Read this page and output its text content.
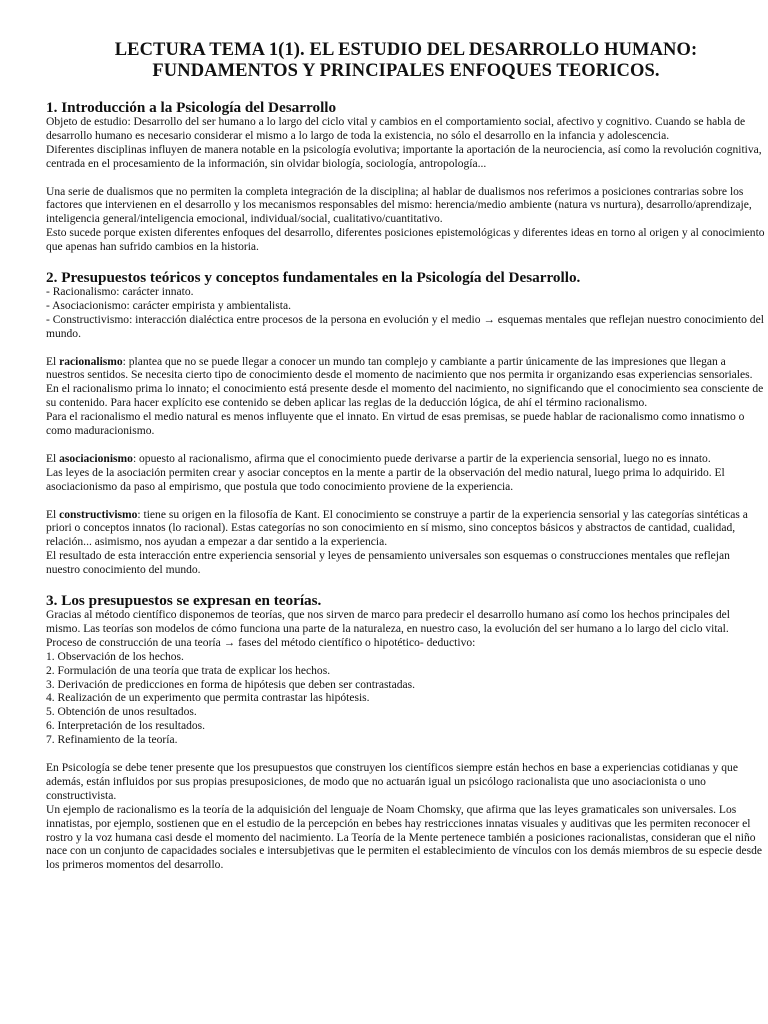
LECTURA TEMA 1(1). EL ESTUDIO DEL DESARROLLO HUMANO:
FUNDAMENTOS Y PRINCIPALES ENFOQUES TEORICOS.
1. Introducción a la Psicología del Desarrollo

Objeto de estudio: Desarrollo del ser humano a lo largo del ciclo vital y cambios en el comportamiento social, afectivo y cognitivo. Cuando se habla de desarrollo humano es necesario considerar el mismo a lo largo de toda la existencia, no sólo el desarrollo en la infancia y adolescencia.

Diferentes disciplinas influyen de manera notable en la psicología evolutiva; importante la aportación de la neurociencia, así como la revolución cognitiva, centrada en el procesamiento de la información, sin olvidar biología, sociología, antropología...

Una serie de dualismos que no permiten la completa integración de la disciplina; al hablar de dualismos nos referimos a posiciones contrarias sobre los factores que intervienen en el desarrollo y los mecanismos responsables del mismo: herencia/medio ambiente (natura vs nurtura), desarrollo/aprendizaje, inteligencia general/inteligencia emocional, individual/social, cualitativo/cuantitativo.

Esto sucede porque existen diferentes enfoques del desarrollo, diferentes posiciones epistemológicas y diferentes ideas en torno al origen y al conocimiento que apenas han sufrido cambios en la historia.

2. Presupuestos teóricos y conceptos fundamentales en la Psicología del Desarrollo.

- Racionalismo: carácter innato.

- Asociacionismo: carácter empirista y ambientalista.

- Constructivismo: interacción dialéctica entre procesos de la persona en evolución y el medio → esquemas mentales que reflejan nuestro conocimiento del mundo.

El racionalismo: plantea que no se puede llegar a conocer un mundo tan complejo y cambiante a partir únicamente de las impresiones que llegan a nuestros sentidos. Se necesita cierto tipo de conocimiento desde el momento de nacimiento que nos permita ir organizando esas experiencias sensoriales. En el racionalismo prima lo innato; el conocimiento está presente desde el momento del nacimiento, no significando que el conocimiento sea consciente de su contenido. Para hacer explícito ese contenido se deben aplicar las reglas de la deducción lógica, de ahí el término racionalismo.

Para el racionalismo el medio natural es menos influyente que el innato. En virtud de esas premisas, se puede hablar de racionalismo como innatismo o como maduracionismo.

El asociacionismo: opuesto al racionalismo, afirma que el conocimiento puede derivarse a partir de la experiencia sensorial, luego no es innato.

Las leyes de la asociación permiten crear y asociar conceptos en la mente a partir de la observación del medio natural, luego prima lo adquirido. El asociacionismo da paso al empirismo, que postula que todo conocimiento proviene de la experiencia.

El constructivismo: tiene su origen en la filosofía de Kant. El conocimiento se construye a partir de la experiencia sensorial y las categorías sintéticas a priori o conceptos innatos (lo racional). Estas categorías no son conocimiento en sí mismo, sino conceptos básicos y abstractos de cantidad, cualidad, relación... asimismo, nos ayudan a empezar a dar sentido a la experiencia.

El resultado de esta interacción entre experiencia sensorial y leyes de pensamiento universales son esquemas o construcciones mentales que reflejan nuestro conocimiento del mundo.

3. Los presupuestos se expresan en teorías.

Gracias al método científico disponemos de teorías, que nos sirven de marco para predecir el desarrollo humano así como los hechos principales del mismo. Las teorías son modelos de cómo funciona una parte de la naturaleza, en nuestro caso, la evolución del ser humano a lo largo del ciclo vital.

Proceso de construcción de una teoría → fases del método científico o hipotético- deductivo:

1. Observación de los hechos.

2. Formulación de una teoría que trata de explicar los hechos.

3. Derivación de predicciones en forma de hipótesis que deben ser contrastadas.

4. Realización de un experimento que permita contrastar las hipótesis.

5. Obtención de unos resultados.

6. Interpretación de los resultados.

7. Refinamiento de la teoría.

En Psicología se debe tener presente que los presupuestos que construyen los científicos siempre están hechos en base a experiencias cotidianas y que además, están influidos por sus propias presuposiciones, de modo que no actuarán igual un psicólogo racionalista que uno asociacionista o uno constructivista.

Un ejemplo de racionalismo es la teoría de la adquisición del lenguaje de Noam Chomsky, que afirma que las leyes gramaticales son universales. Los innatistas, por ejemplo, sostienen que en el estudio de la percepción en bebes hay restricciones innatas visuales y auditivas que les permiten reconocer el rostro y la voz humana casi desde el momento del nacimiento. La Teoría de la Mente pertenece también a posiciones racionalistas, consideran que el niño nace con un conjunto de capacidades sociales e intersubjetivas que le permiten el establecimiento de vínculos con los demás miembros de su especie desde los primeros momentos del desarrollo.
